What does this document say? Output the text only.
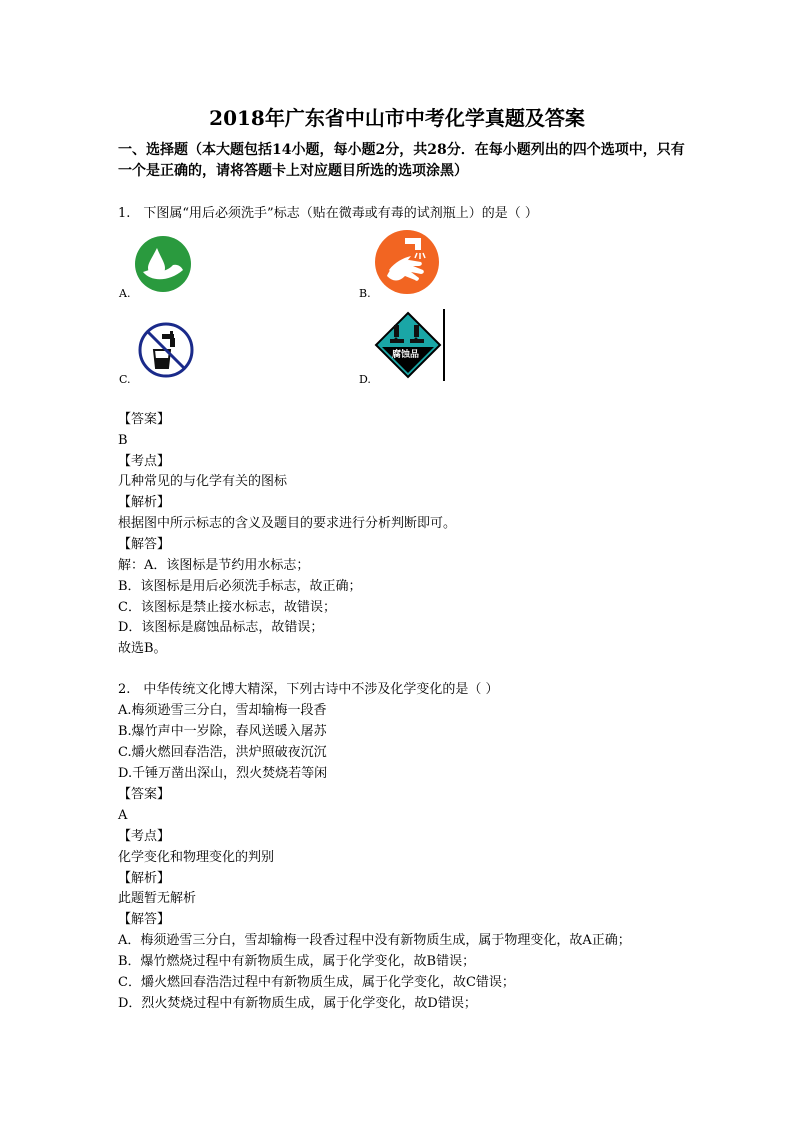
2018年广东省中山市中考化学真题及答案
一、选择题（本大题包括14小题，每小题2分，共28分．在每小题列出的四个选项中，只有
一个是正确的，请将答题卡上对应题目所选的选项涂黑）
1.　下图属“用后必须洗手”标志（贴在微毒或有毒的试剂瓶上）的是（ ）
A.	B.
C.
腐蚀品
D.
【答案】
B
【考点】
几种常见的与化学有关的图标
【解析】
根据图中所示标志的含义及题目的要求进行分析判断即可。
【解答】
解：A．该图标是节约用水标志；
B．该图标是用后必须洗手标志，故正确；
C．该图标是禁止接水标志，故错误；
D．该图标是腐蚀品标志，故错误；
故选B。
2.　中华传统文化博大精深，下列古诗中不涉及化学变化的是（ ）
A.梅须逊雪三分白，雪却输梅一段香
B.爆竹声中一岁除，春风送暖入屠苏
C.爝火燃回春浩浩，洪炉照破夜沉沉
D.千锤万凿出深山，烈火焚烧若等闲
【答案】
A
【考点】
化学变化和物理变化的判别
【解析】
此题暂无解析
【解答】
A．梅须逊雪三分白，雪却输梅一段香过程中没有新物质生成，属于物理变化，故A正确；
B．爆竹燃烧过程中有新物质生成，属于化学变化，故B错误；
C．爝火燃回春浩浩过程中有新物质生成，属于化学变化，故C错误；
D．烈火焚烧过程中有新物质生成，属于化学变化，故D错误；
